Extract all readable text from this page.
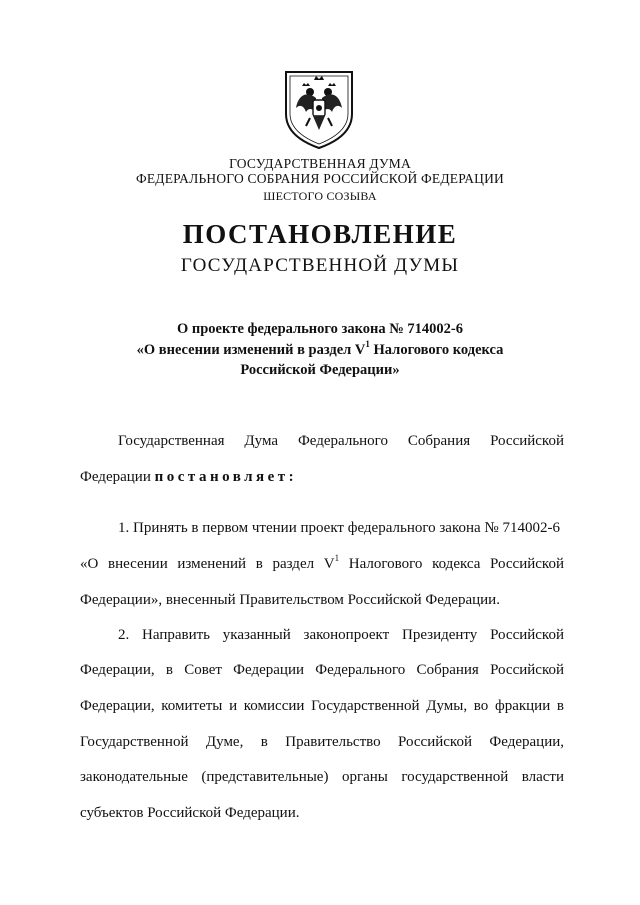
ГОСУДАРСТВЕННАЯ ДУМА
ФЕДЕРАЛЬНОГО СОБРАНИЯ РОССИЙСКОЙ ФЕДЕРАЦИИ
ШЕСТОГО СОЗЫВА
ПОСТАНОВЛЕНИЕ
ГОСУДАРСТВЕННОЙ ДУМЫ
О проекте федерального закона № 714002-6
«О внесении изменений в раздел $V^1$ Налогового кодекса
Российской Федерации»
Государственная Дума Федерального Собрания Российской
Федерации постановляет:
1. Принять в первом чтении проект федерального закона № 714002-6
«О внесении изменений в раздел $V^1$ Налогового кодекса Российской
Федерации», внесенный Правительством Российской Федерации.
2. Направить указанный законопроект Президенту Российской
Федерации, в Совет Федерации Федерального Собрания Российской
Федерации, комитеты и комиссии Государственной Думы, во фракции в
Государственной Думе, в Правительство Российской Федерации,
законодательные (представительные) органы государственной власти
субъектов Российской Федерации.
